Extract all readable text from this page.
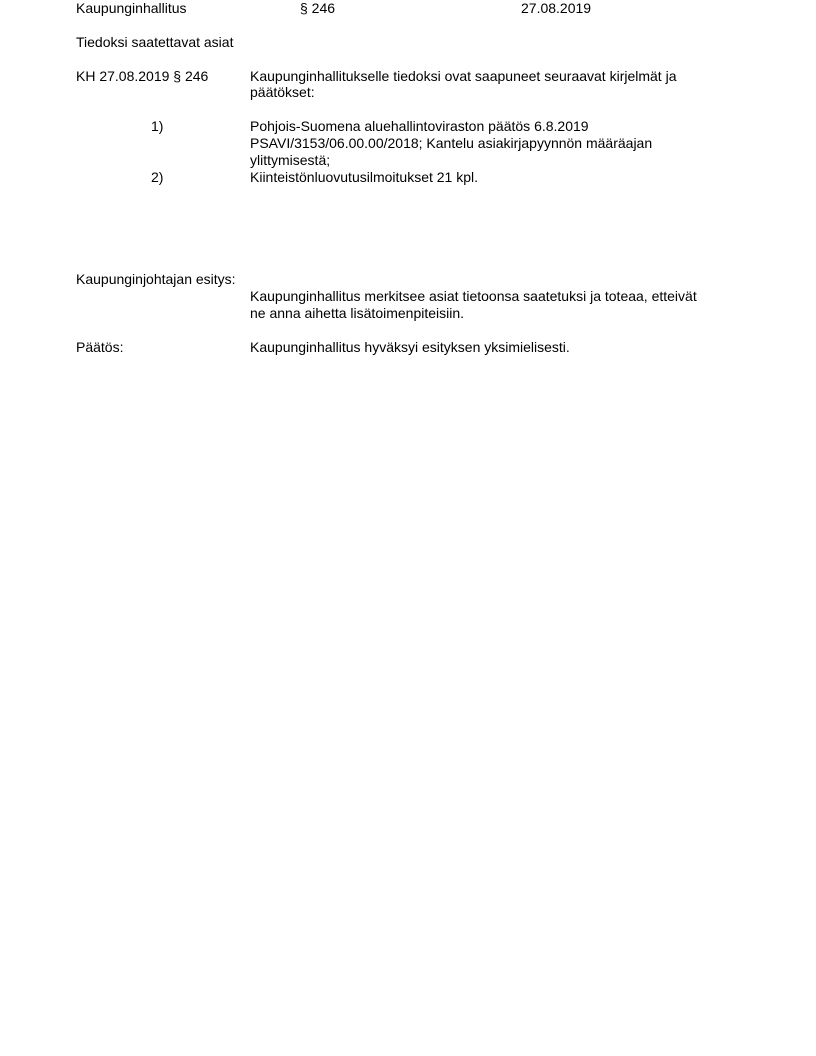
Kaupunginhallitus	§ 246	27.08.2019
Tiedoksi saatettavat asiat
KH 27.08.2019 § 246	Kaupunginhallitukselle tiedoksi ovat saapuneet seuraavat kirjelmät ja
päätökset:
1)	Pohjois-Suomena aluehallintoviraston päätös 6.8.2019
PSAVI/3153/06.00.00/2018; Kantelu asiakirjapyynnön määräajan
ylittymisestä;
2)	Kiinteistönluovutusilmoitukset 21 kpl.
Kaupunginjohtajan esitys:
Kaupunginhallitus merkitsee asiat tietoonsa saatetuksi ja toteaa, etteivät
ne anna aihetta lisätoimenpiteisiin.
Päätös:	Kaupunginhallitus hyväksyi esityksen yksimielisesti.
